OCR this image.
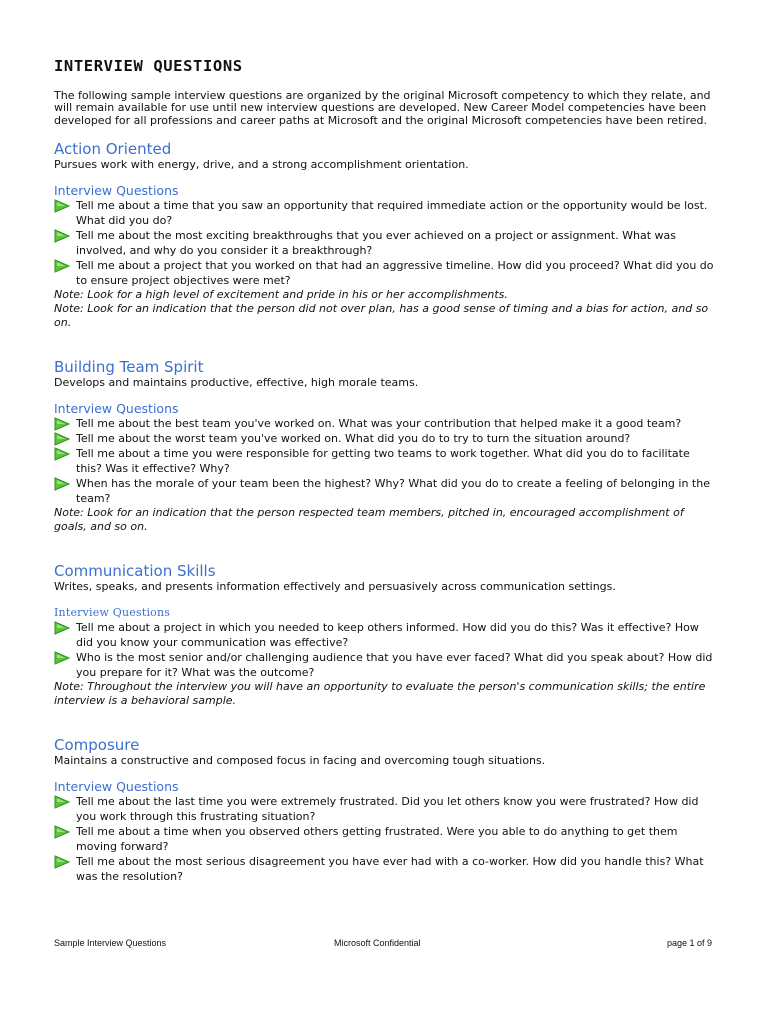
INTERVIEW QUESTIONS
The following sample interview questions are organized by the original Microsoft competency to which they relate, and will remain available for use until new interview questions are developed. New Career Model competencies have been developed for all professions and career paths at Microsoft and the original Microsoft competencies have been retired.
Action Oriented
Pursues work with energy, drive, and a strong accomplishment orientation.
Interview Questions
Tell me about a time that you saw an opportunity that required immediate action or the opportunity would be lost. What did you do?
Tell me about the most exciting breakthroughs that you ever achieved on a project or assignment. What was involved, and why do you consider it a breakthrough?
Tell me about a project that you worked on that had an aggressive timeline. How did you proceed? What did you do to ensure project objectives were met?
Note: Look for a high level of excitement and pride in his or her accomplishments.
Note: Look for an indication that the person did not over plan, has a good sense of timing and a bias for action, and so on.
Building Team Spirit
Develops and maintains productive, effective, high morale teams.
Interview Questions
Tell me about the best team you've worked on. What was your contribution that helped make it a good team?
Tell me about the worst team you've worked on. What did you do to try to turn the situation around?
Tell me about a time you were responsible for getting two teams to work together. What did you do to facilitate this? Was it effective? Why?
When has the morale of your team been the highest? Why? What did you do to create a feeling of belonging in the team?
Note: Look for an indication that the person respected team members, pitched in, encouraged accomplishment of goals, and so on.
Communication Skills
Writes, speaks, and presents information effectively and persuasively across communication settings.
Interview Questions
Tell me about a project in which you needed to keep others informed. How did you do this? Was it effective? How did you know your communication was effective?
Who is the most senior and/or challenging audience that you have ever faced? What did you speak about? How did you prepare for it? What was the outcome?
Note: Throughout the interview you will have an opportunity to evaluate the person's communication skills; the entire interview is a behavioral sample.
Composure
Maintains a constructive and composed focus in facing and overcoming tough situations.
Interview Questions
Tell me about the last time you were extremely frustrated. Did you let others know you were frustrated? How did you work through this frustrating situation?
Tell me about a time when you observed others getting frustrated. Were you able to do anything to get them moving forward?
Tell me about the most serious disagreement you have ever had with a co-worker. How did you handle this? What was the resolution?
Sample Interview Questions	Microsoft Confidential	page 1 of 9
